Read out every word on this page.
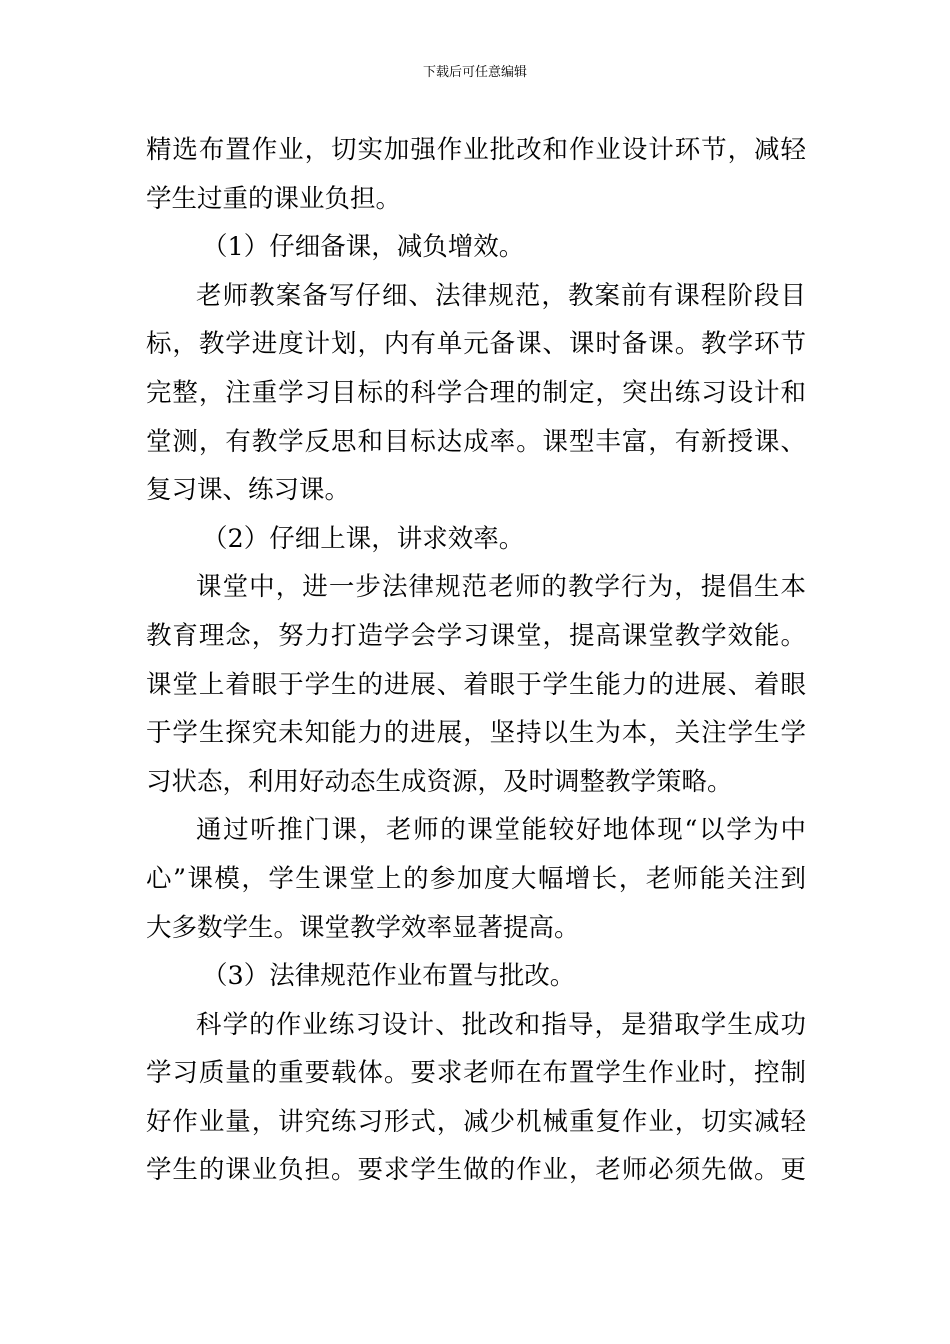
下载后可任意编辑
精选布置作业，切实加强作业批改和作业设计环节，减轻
学生过重的课业负担。
（1）仔细备课，减负增效。
老师教案备写仔细、法律规范，教案前有课程阶段目
标，教学进度计划，内有单元备课、课时备课。教学环节
完整，注重学习目标的科学合理的制定，突出练习设计和
堂测，有教学反思和目标达成率。课型丰富，有新授课、
复习课、练习课。
（2）仔细上课，讲求效率。
课堂中，进一步法律规范老师的教学行为，提倡生本
教育理念，努力打造学会学习课堂，提高课堂教学效能。
课堂上着眼于学生的进展、着眼于学生能力的进展、着眼
于学生探究未知能力的进展，坚持以生为本，关注学生学
习状态，利用好动态生成资源，及时调整教学策略。
通过听推门课，老师的课堂能较好地体现“以学为中
心”课模，学生课堂上的参加度大幅增长，老师能关注到
大多数学生。课堂教学效率显著提高。
（3）法律规范作业布置与批改。
科学的作业练习设计、批改和指导，是猎取学生成功
学习质量的重要载体。要求老师在布置学生作业时，控制
好作业量，讲究练习形式，减少机械重复作业，切实减轻
学生的课业负担。要求学生做的作业，老师必须先做。更
